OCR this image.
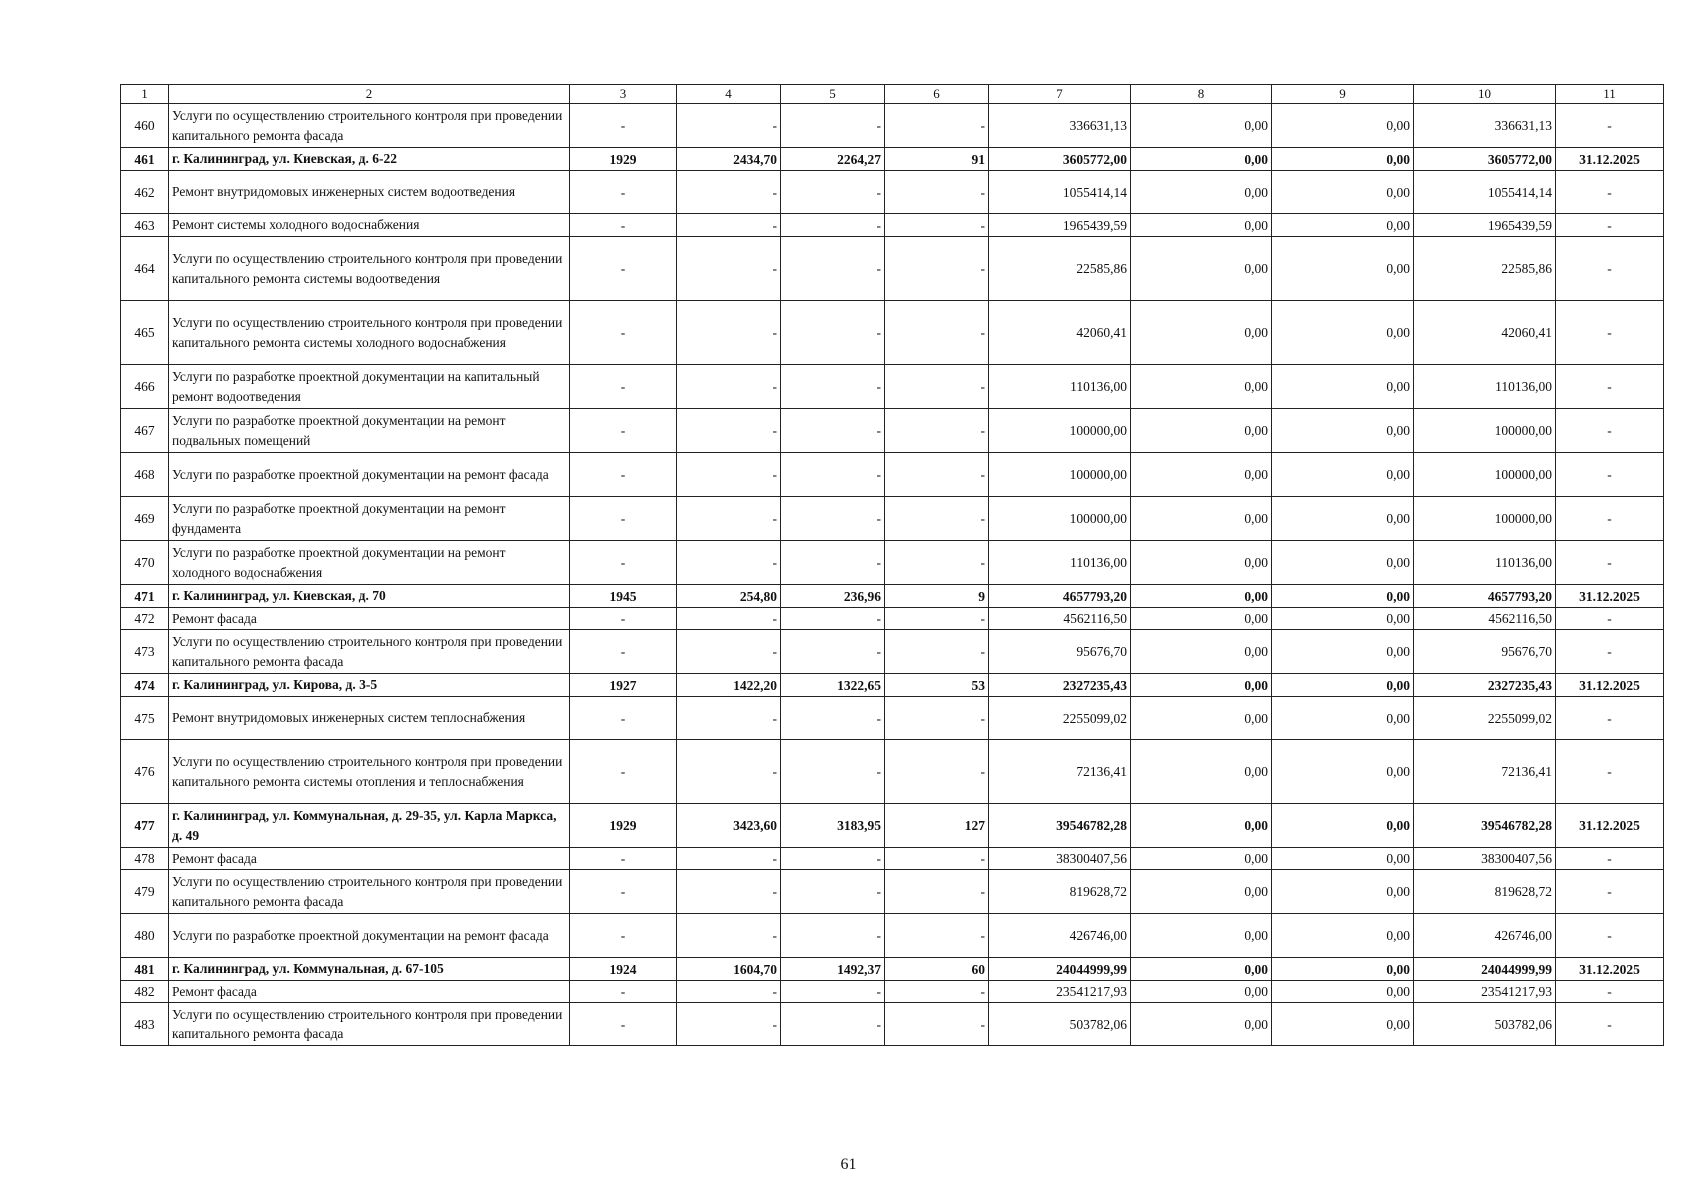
1	2	3	4	5	6	7	8	9	10	11
460	Услуги по осуществлению строительного контроля при проведении капитального ремонта фасада	-	-	-	-	336631,13	0,00	0,00	336631,13	-
461	г. Калининград, ул. Киевская, д. 6-22	1929	2434,70	2264,27	91	3605772,00	0,00	0,00	3605772,00	31.12.2025
462	Ремонт внутридомовых инженерных систем водоотведения	-	-	-	-	1055414,14	0,00	0,00	1055414,14	-
463	Ремонт системы холодного водоснабжения	-	-	-	-	1965439,59	0,00	0,00	1965439,59	-
464	Услуги по осуществлению строительного контроля при проведении капитального ремонта системы водоотведения	-	-	-	-	22585,86	0,00	0,00	22585,86	-
465	Услуги по осуществлению строительного контроля при проведении капитального ремонта системы холодного водоснабжения	-	-	-	-	42060,41	0,00	0,00	42060,41	-
466	Услуги по разработке проектной документации на капитальный ремонт водоотведения	-	-	-	-	110136,00	0,00	0,00	110136,00	-
467	Услуги по разработке проектной документации на ремонт подвальных помещений	-	-	-	-	100000,00	0,00	0,00	100000,00	-
468	Услуги по разработке проектной документации на ремонт фасада	-	-	-	-	100000,00	0,00	0,00	100000,00	-
469	Услуги по разработке проектной документации на ремонт фундамента	-	-	-	-	100000,00	0,00	0,00	100000,00	-
470	Услуги по разработке проектной документации на ремонт холодного водоснабжения	-	-	-	-	110136,00	0,00	0,00	110136,00	-
471	г. Калининград, ул. Киевская, д. 70	1945	254,80	236,96	9	4657793,20	0,00	0,00	4657793,20	31.12.2025
472	Ремонт фасада	-	-	-	-	4562116,50	0,00	0,00	4562116,50	-
473	Услуги по осуществлению строительного контроля при проведении капитального ремонта фасада	-	-	-	-	95676,70	0,00	0,00	95676,70	-
474	г. Калининград, ул. Кирова, д. 3-5	1927	1422,20	1322,65	53	2327235,43	0,00	0,00	2327235,43	31.12.2025
475	Ремонт внутридомовых инженерных систем теплоснабжения	-	-	-	-	2255099,02	0,00	0,00	2255099,02	-
476	Услуги по осуществлению строительного контроля при проведении капитального ремонта системы отопления и теплоснабжения	-	-	-	-	72136,41	0,00	0,00	72136,41	-
477	г. Калининград, ул. Коммунальная, д. 29-35, ул. Карла Маркса, д. 49	1929	3423,60	3183,95	127	39546782,28	0,00	0,00	39546782,28	31.12.2025
478	Ремонт фасада	-	-	-	-	38300407,56	0,00	0,00	38300407,56	-
479	Услуги по осуществлению строительного контроля при проведении капитального ремонта фасада	-	-	-	-	819628,72	0,00	0,00	819628,72	-
480	Услуги по разработке проектной документации на ремонт фасада	-	-	-	-	426746,00	0,00	0,00	426746,00	-
481	г. Калининград, ул. Коммунальная, д. 67-105	1924	1604,70	1492,37	60	24044999,99	0,00	0,00	24044999,99	31.12.2025
482	Ремонт фасада	-	-	-	-	23541217,93	0,00	0,00	23541217,93	-
483	Услуги по осуществлению строительного контроля при проведении капитального ремонта фасада	-	-	-	-	503782,06	0,00	0,00	503782,06	-
61
